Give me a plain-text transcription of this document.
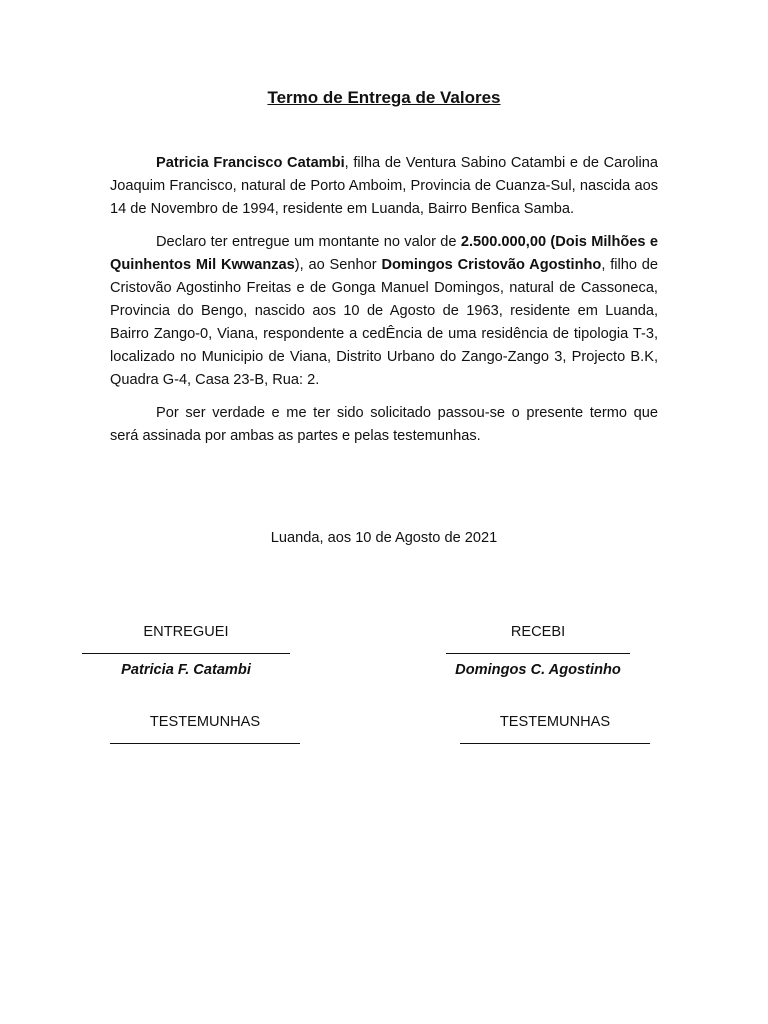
Termo de Entrega de Valores

Patricia Francisco Catambi, filha de Ventura Sabino Catambi e de Carolina Joaquim Francisco, natural de Porto Amboim, Provincia de Cuanza-Sul, nascida aos 14 de Novembro de 1994, residente em Luanda, Bairro Benfica Samba.

Declaro ter entregue um montante no valor de 2.500.000,00 (Dois Milhões e Quinhentos Mil Kwwanzas), ao Senhor Domingos Cristovão Agostinho, filho de Cristovão Agostinho Freitas e de Gonga Manuel Domingos, natural de Cassoneca, Provincia do Bengo, nascido aos 10 de Agosto de 1963, residente em Luanda, Bairro Zango-0, Viana, respondente a cedÊncia de uma residência de tipologia T-3, localizado no Municipio de Viana, Distrito Urbano do Zango-Zango 3, Projecto B.K, Quadra G-4, Casa 23-B, Rua: 2.

Por ser verdade e me ter sido solicitado passou-se o presente termo que será assinada por ambas as partes e pelas testemunhas.

Luanda, aos 10 de Agosto de 2021
ENTREGUEI
Patricia F. Catambi
RECEBI
Domingos C. Agostinho
TESTEMUNHAS	TESTEMUNHAS
